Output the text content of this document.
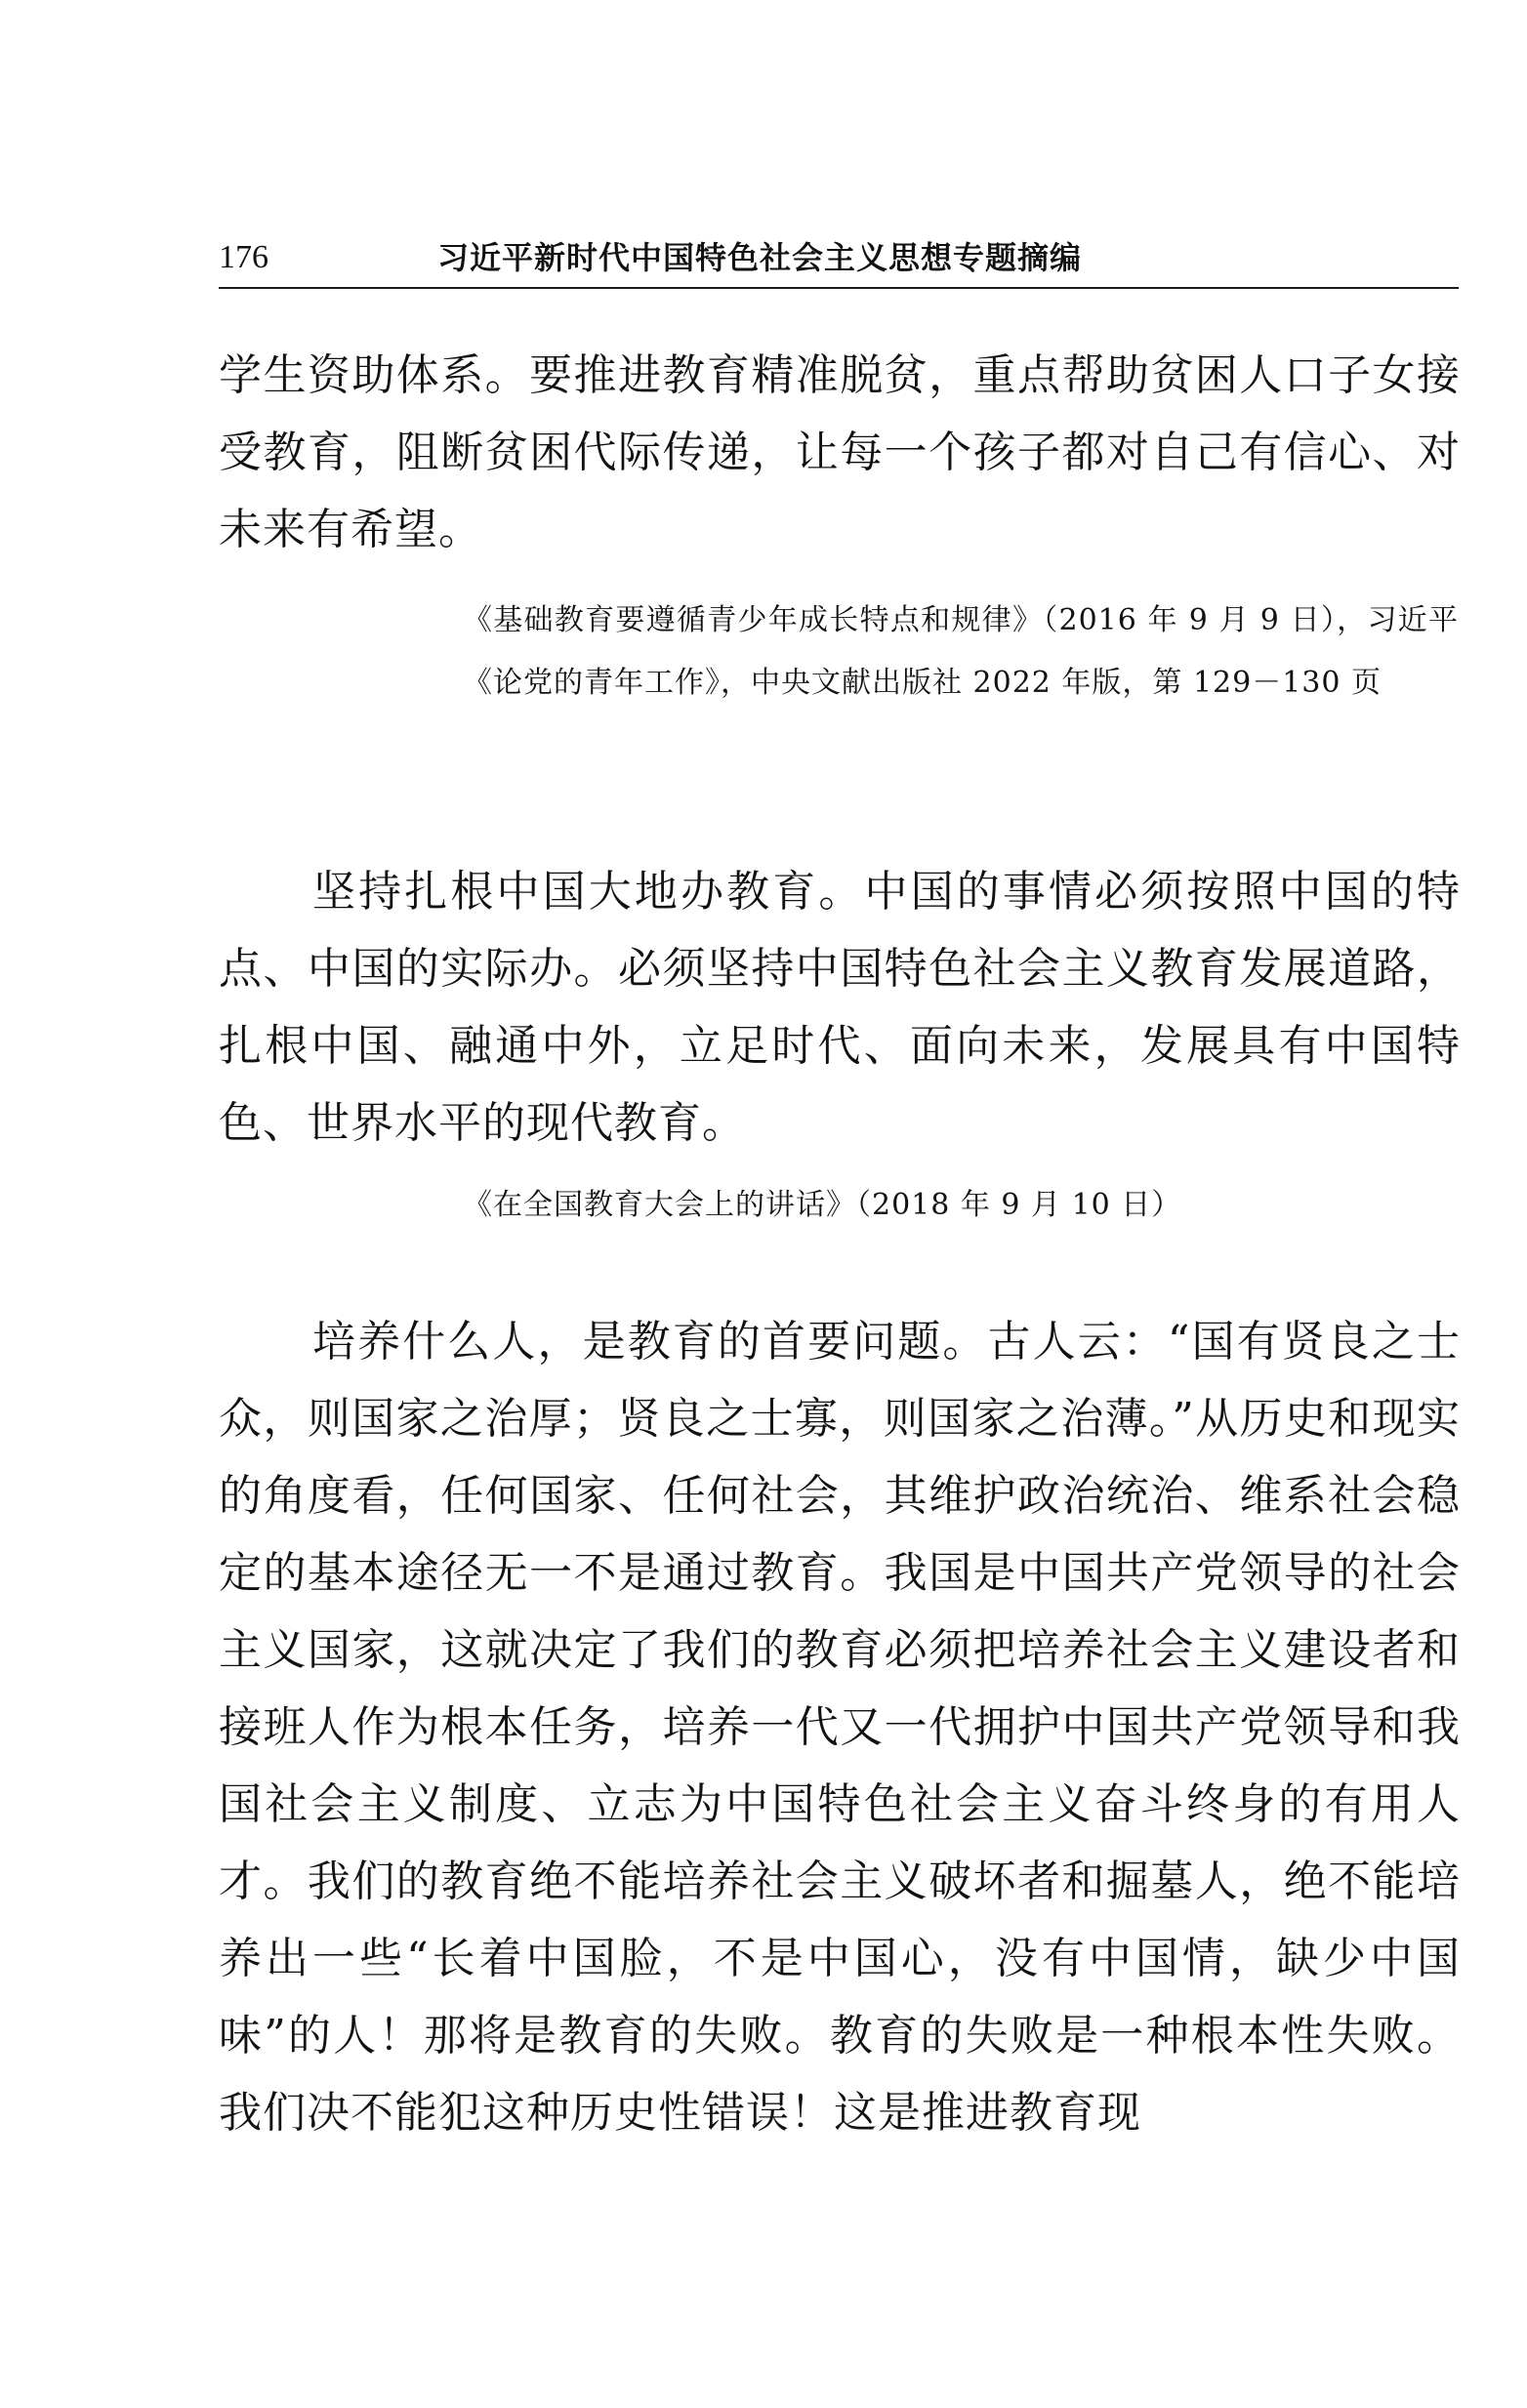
176	习近平新时代中国特色社会主义思想专题摘编

学生资助体系。要推进教育精准脱贫，重点帮助贫困人口子女接受教育，阻断贫困代际传递，让每一个孩子都对自己有信心、对未来有希望。

《基础教育要遵循青少年成长特点和规律》（2016 年 9 月 9 日），习近平《论党的青年工作》，中央文献出版社 2022 年版，第 129－130 页

坚持扎根中国大地办教育。中国的事情必须按照中国的特点、中国的实际办。必须坚持中国特色社会主义教育发展道路，扎根中国、融通中外，立足时代、面向未来，发展具有中国特色、世界水平的现代教育。

《在全国教育大会上的讲话》（2018 年 9 月 10 日）

培养什么人，是教育的首要问题。古人云：“国有贤良之士众，则国家之治厚；贤良之士寡，则国家之治薄。”从历史和现实的角度看，任何国家、任何社会，其维护政治统治、维系社会稳定的基本途径无一不是通过教育。我国是中国共产党领导的社会主义国家，这就决定了我们的教育必须把培养社会主义建设者和接班人作为根本任务，培养一代又一代拥护中国共产党领导和我国社会主义制度、立志为中国特色社会主义奋斗终身的有用人才。我们的教育绝不能培养社会主义破坏者和掘墓人，绝不能培养出一些“长着中国脸，不是中国心，没有中国情，缺少中国味”的人！那将是教育的失败。教育的失败是一种根本性失败。我们决不能犯这种历史性错误！这是推进教育现
